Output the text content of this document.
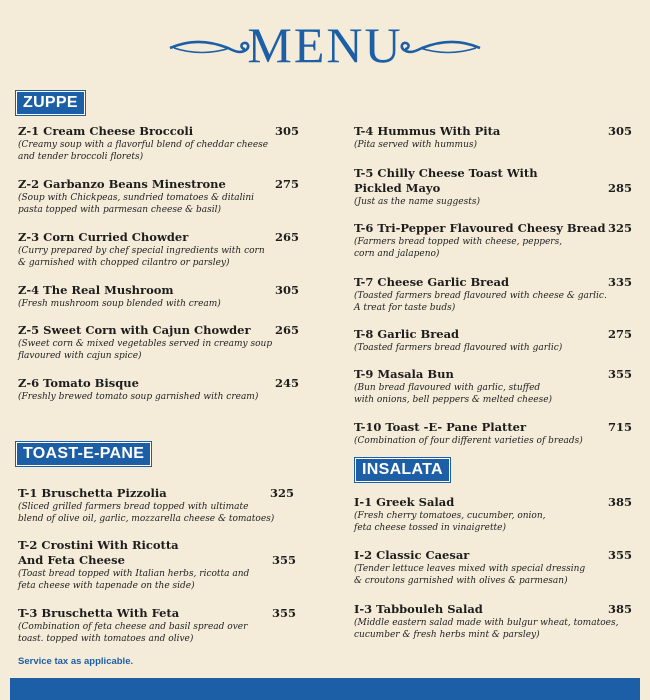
MENU
ZUPPE
Z-1 Cream Cheese Broccoli	305
(Creamy soup with a flavorful blend of cheddar cheese
and tender broccoli florets)
Z-2 Garbanzo Beans Minestrone	275
(Soup with Chickpeas, sundried tomatoes & ditalini
pasta topped with parmesan cheese & basil)
Z-3 Corn Curried Chowder	265
(Curry prepared by chef special ingredients with corn
& garnished with chopped cilantro or parsley)
Z-4 The Real Mushroom	305
(Fresh mushroom soup blended with cream)
Z-5 Sweet Corn with Cajun Chowder	265
(Sweet corn & mixed vegetables served in creamy soup
flavoured with cajun spice)
Z-6 Tomato Bisque	245
(Freshly brewed tomato soup garnished with cream)
TOAST-E-PANE
T-1 Bruschetta Pizzolia	325
(Sliced grilled farmers bread topped with ultimate
blend of olive oil, garlic, mozzarella cheese & tomatoes)
T-2 Crostini With Ricotta
And Feta Cheese	355
(Toast bread topped with Italian herbs, ricotta and
feta cheese with tapenade on the side)
T-3 Bruschetta With Feta	355
(Combination of feta cheese and basil spread over
toast. topped with tomatoes and olive)
Service tax as applicable.
T-4 Hummus With Pita	305
(Pita served with hummus)
T-5 Chilly Cheese Toast With
Pickled Mayo	285
(Just as the name suggests)
T-6 Tri-Pepper Flavoured Cheesy Bread 325
(Farmers bread topped with cheese, peppers,
corn and jalapeno)
T-7 Cheese Garlic Bread	335
(Toasted farmers bread flavoured with cheese & garlic.
A treat for taste buds)
T-8 Garlic Bread	275
(Toasted farmers bread flavoured with garlic)
T-9 Masala Bun	355
(Bun bread flavoured with garlic, stuffed
with onions, bell peppers & melted cheese)
T-10 Toast -E- Pane Platter	715
(Combination of four different varieties of breads)
INSALATA
I-1 Greek Salad	385
(Fresh cherry tomatoes, cucumber, onion,
feta cheese tossed in vinaigrette)
I-2 Classic Caesar	355
(Tender lettuce leaves mixed with special dressing
& croutons garnished with olives & parmesan)
I-3 Tabbouleh Salad	385
(Middle eastern salad made with bulgur wheat, tomatoes,
cucumber & fresh herbs mint & parsley)
